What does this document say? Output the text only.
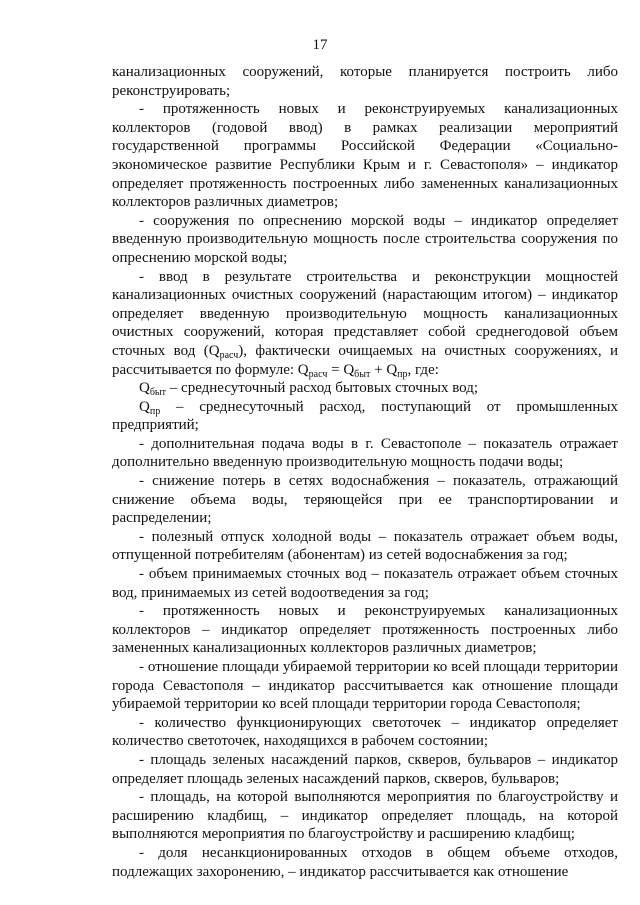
17

канализационных сооружений, которые планируется построить либо реконструировать;

- протяженность новых и реконструируемых канализационных коллекторов (годовой ввод) в рамках реализации мероприятий государственной программы Российской Федерации «Социально-экономическое развитие Республики Крым и г. Севастополя» – индикатор определяет протяженность построенных либо замененных канализационных коллекторов различных диаметров;

- сооружения по опреснению морской воды – индикатор определяет введенную производительную мощность после строительства сооружения по опреснению морской воды;

- ввод в результате строительства и реконструкции мощностей канализационных очистных сооружений (нарастающим итогом) – индикатор определяет введенную производительную мощность канализационных очистных сооружений, которая представляет собой среднегодовой объем сточных вод $(Q_{расч})$, фактически очищаемых на очистных сооружениях, и рассчитывается по формуле: $Q_{расч} = Q_{быт} + Q_{пр}$, где:

$Q_{быт}$ – среднесуточный расход бытовых сточных вод;

$Q_{пр}$ – среднесуточный расход, поступающий от промышленных предприятий;

- дополнительная подача воды в г. Севастополе – показатель отражает дополнительно введенную производительную мощность подачи воды;

- снижение потерь в сетях водоснабжения – показатель, отражающий снижение объема воды, теряющейся при ее транспортировании и распределении;

- полезный отпуск холодной воды – показатель отражает объем воды, отпущенной потребителям (абонентам) из сетей водоснабжения за год;

- объем принимаемых сточных вод – показатель отражает объем сточных вод, принимаемых из сетей водоотведения за год;

- протяженность новых и реконструируемых канализационных коллекторов – индикатор определяет протяженность построенных либо замененных канализационных коллекторов различных диаметров;

- отношение площади убираемой территории ко всей площади территории города Севастополя – индикатор рассчитывается как отношение площади убираемой территории ко всей площади территории города Севастополя;

- количество функционирующих светоточек – индикатор определяет количество светоточек, находящихся в рабочем состоянии;

- площадь зеленых насаждений парков, скверов, бульваров – индикатор определяет площадь зеленых насаждений парков, скверов, бульваров;

- площадь, на которой выполняются мероприятия по благоустройству и расширению кладбищ, – индикатор определяет площадь, на которой выполняются мероприятия по благоустройству и расширению кладбищ;

- доля несанкционированных отходов в общем объеме отходов, подлежащих захоронению, – индикатор рассчитывается как отношение
